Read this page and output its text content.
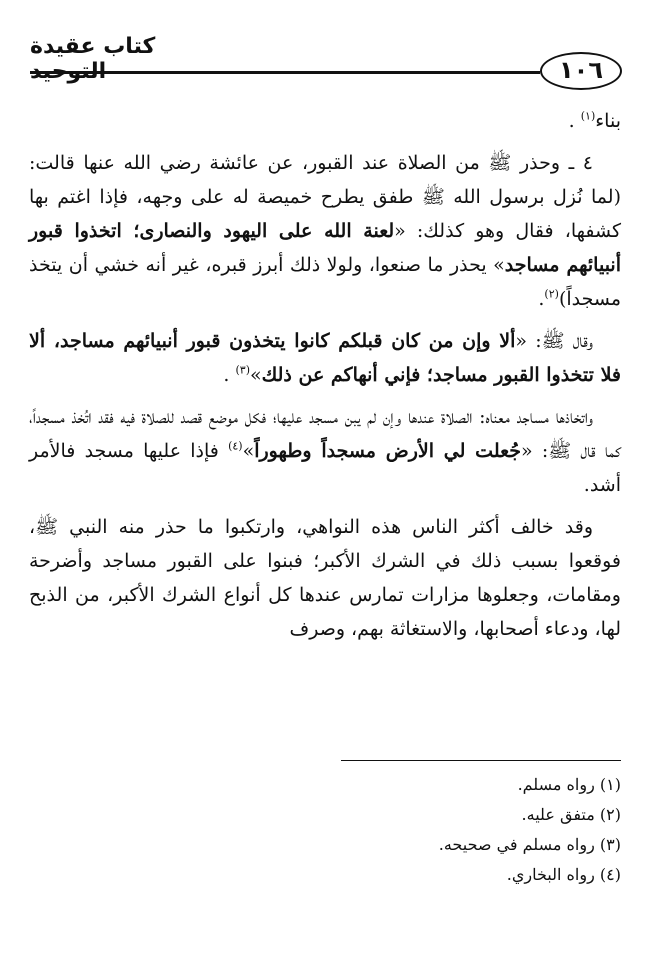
كتاب عقيدة التوحيد	١٠٦

بناء$^{(١)}$ .

٤ ـ وحذر ﷺ من الصلاة عند القبور، عن عائشة رضي الله عنها قالت: (لما نُزل برسول الله ﷺ طفق يطرح خميصة له على وجهه، فإذا اغتم بها كشفها، فقال وهو كذلك: «لعنة الله على اليهود والنصارى؛ اتخذوا قبور أنبيائهم مساجد» يحذر ما صنعوا، ولولا ذلك أبرز قبره، غير أنه خشي أن يتخذ مسجداً)$^{(٢)}$.

وقال ﷺ: «ألا وإن من كان قبلكم كانوا يتخذون قبور أنبيائهم مساجد، ألا فلا تتخذوا القبور مساجد؛ فإني أنهاكم عن ذلك»$^{(٣)}$ .

واتخاذها مساجد معناه: الصلاة عندها وإن لم يبن مسجد عليها؛ فكل موضع قصد للصلاة فيه فقد اتُخذ مسجداً، كما قال ﷺ: «جُعلت لي الأرض مسجداً وطهوراً»$^{(٤)}$ فإذا عليها مسجد فالأمر أشد.

وقد خالف أكثر الناس هذه النواهي، وارتكبوا ما حذر منه النبي ﷺ، فوقعوا بسبب ذلك في الشرك الأكبر؛ فبنوا على القبور مساجد وأضرحة ومقامات، وجعلوها مزارات تمارس عندها كل أنواع الشرك الأكبر، من الذبح لها، ودعاء أصحابها، والاستغاثة بهم، وصرف

(١) رواه مسلم.
(٢) متفق عليه.
(٣) رواه مسلم في صحيحه.
(٤) رواه البخاري.
